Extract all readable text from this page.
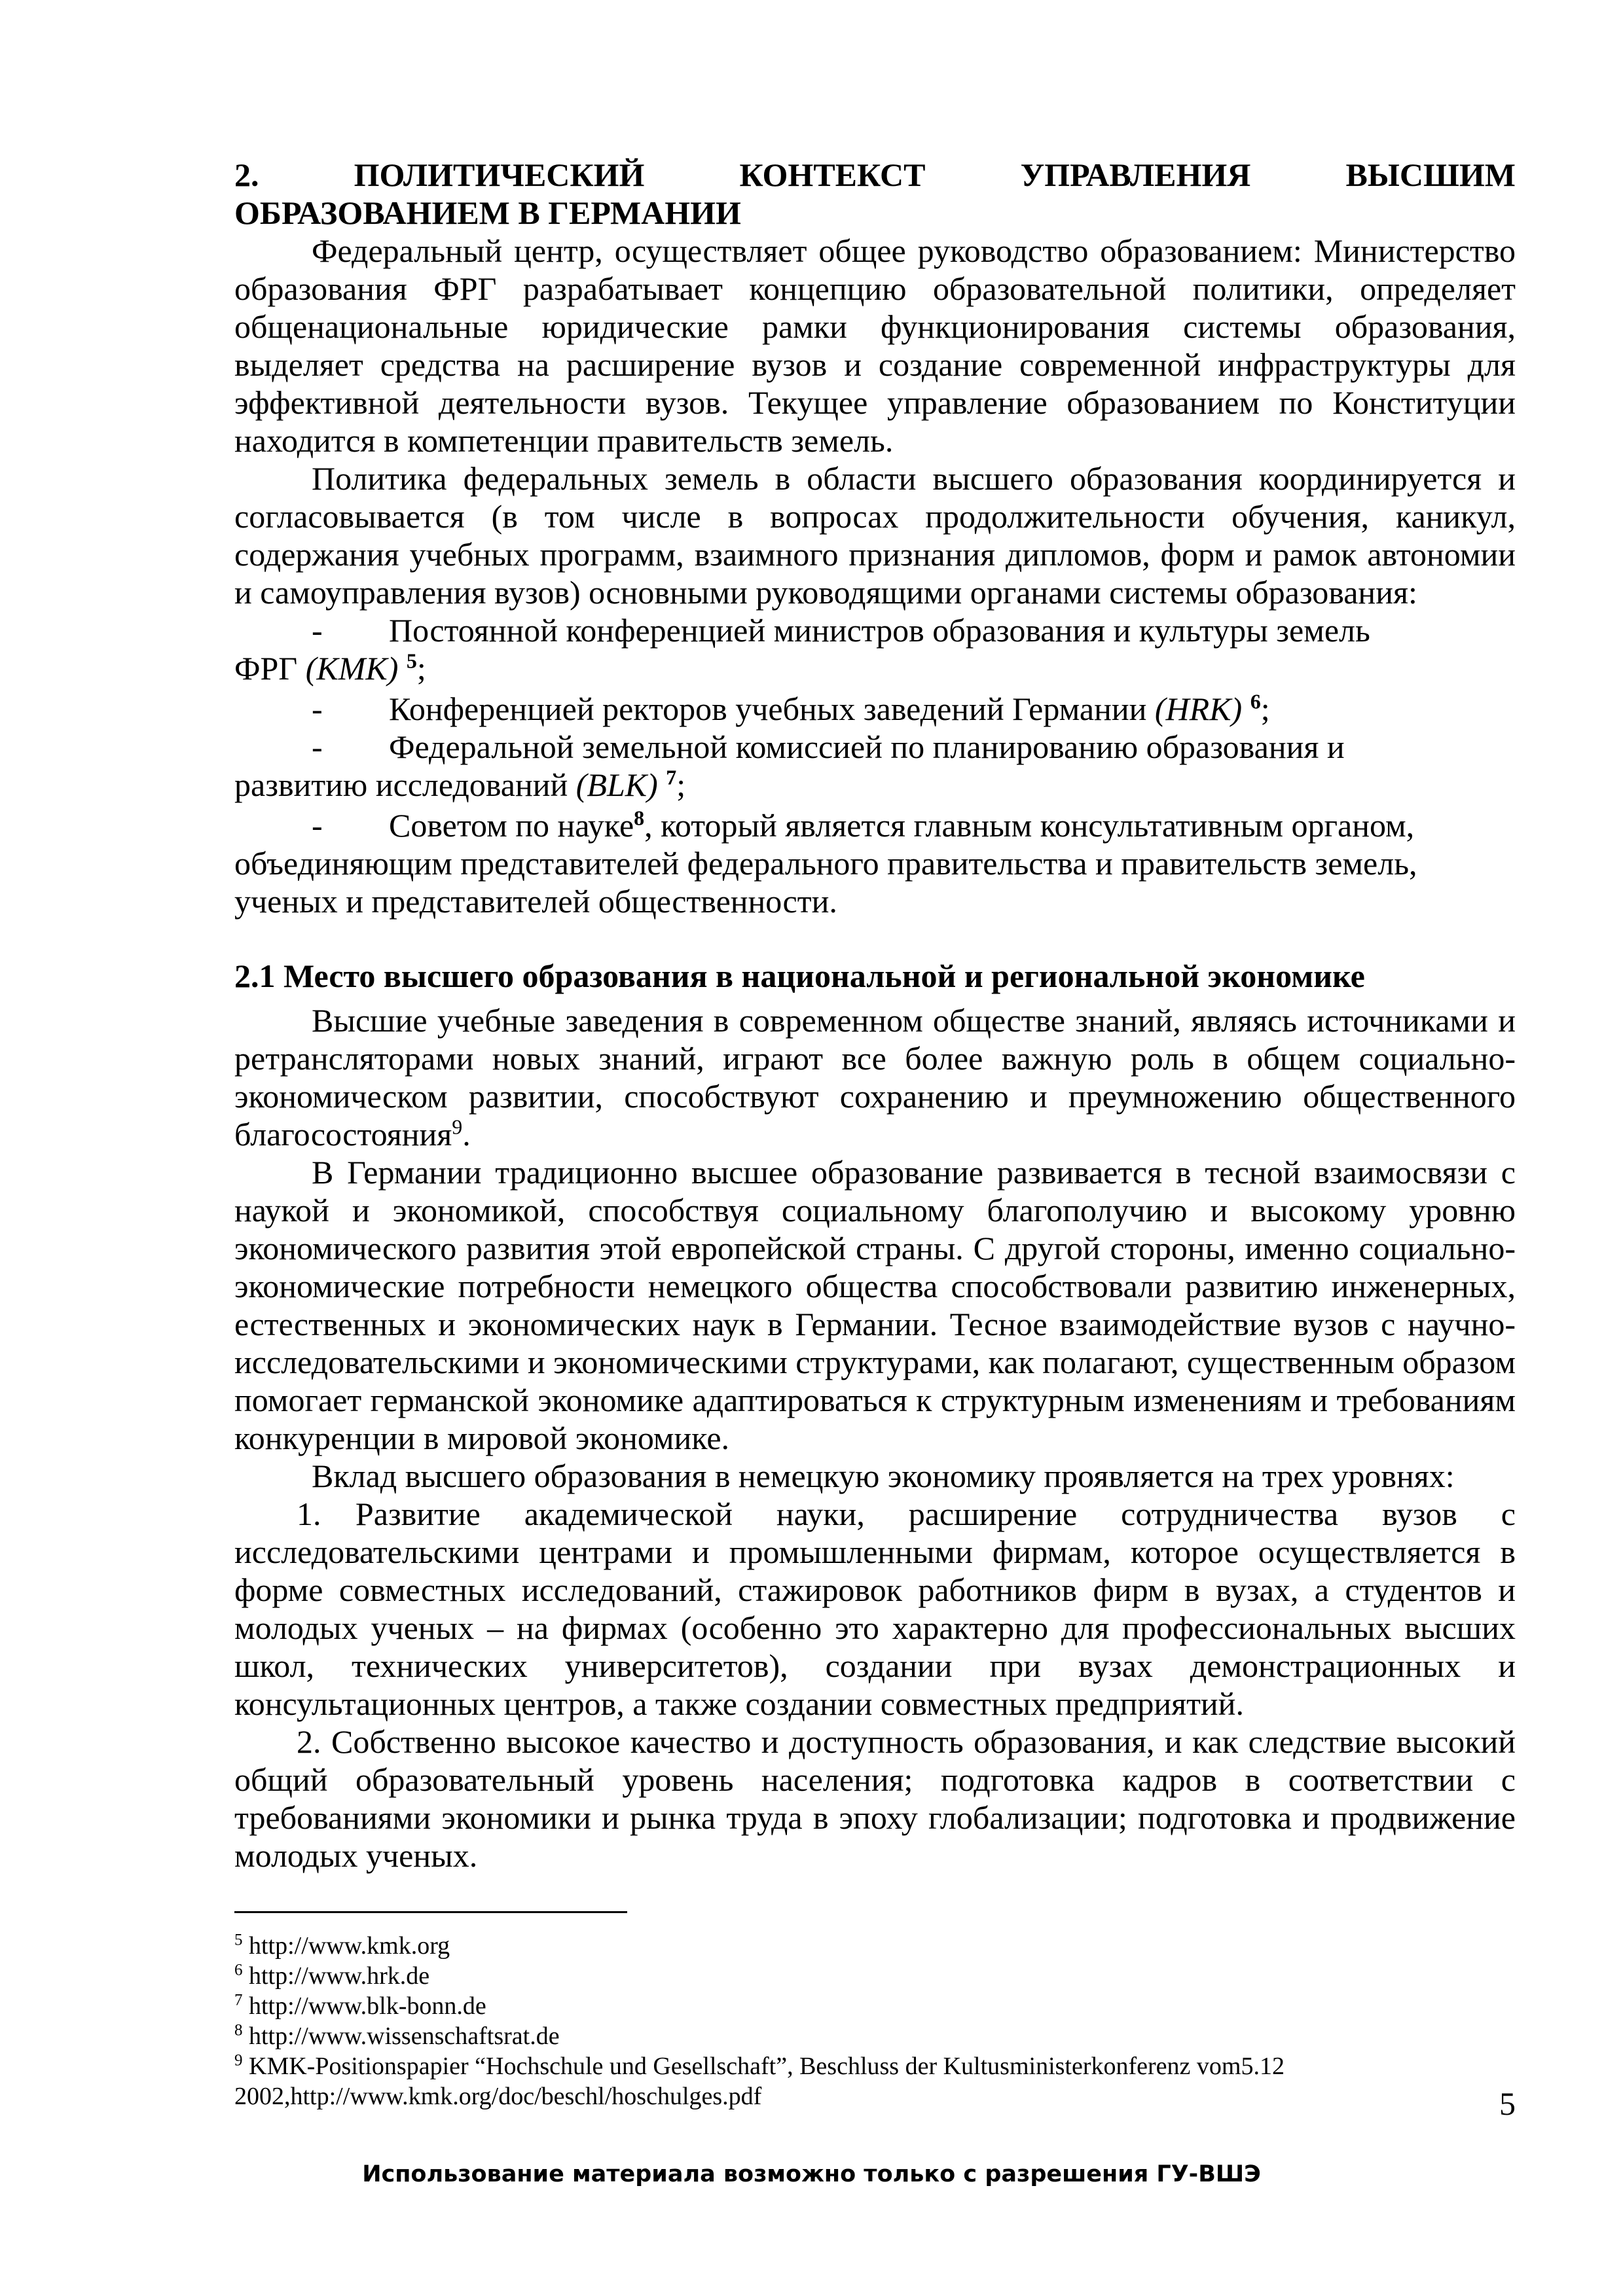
2.	ПОЛИТИЧЕСКИЙ	КОНТЕКСТ	УПРАВЛЕНИЯ	ВЫСШИМ
ОБРАЗОВАНИЕМ В ГЕРМАНИИ

Федеральный центр, осуществляет общее руководство образованием: Министерство образования ФРГ разрабатывает концепцию образовательной политики, определяет общенациональные юридические рамки функционирования системы образования, выделяет средства на расширение вузов и создание современной инфраструктуры для эффективной деятельности вузов. Текущее управление образованием по Конституции находится в компетенции правительств земель.

Политика федеральных земель в области высшего образования координируется и согласовывается (в том числе в вопросах продолжительности обучения, каникул, содержания учебных программ, взаимного признания дипломов, форм и рамок автономии и самоуправления вузов) основными руководящими органами системы образования:

-	Постоянной конференцией министров образования и культуры земель
ФРГ (KMK) $^5$;
-	Конференцией ректоров учебных заведений Германии (HRK) $^6$;
-	Федеральной земельной комиссией по планированию образования и
развитию исследований (BLK) $^7$;
-	Советом по науке$^8$, который является главным консультативным органом,
объединяющим представителей федерального правительства и правительств земель, ученых и представителей общественности.
2.1 Место высшего образования в национальной и региональной экономике

Высшие учебные заведения в современном обществе знаний, являясь источниками и ретрансляторами новых знаний, играют все более важную роль в общем социально-экономическом развитии, способствуют сохранению и преумножению общественного благосостояния$^9$.

В Германии традиционно высшее образование развивается в тесной взаимосвязи с наукой и экономикой, способствуя социальному благополучию и высокому уровню экономического развития этой европейской страны. С другой стороны, именно социально-экономические потребности немецкого общества способствовали развитию инженерных, естественных и экономических наук в Германии. Тесное взаимодействие вузов с научно-исследовательскими и экономическими структурами, как полагают, существенным образом помогает германской экономике адаптироваться к структурным изменениям и требованиям конкуренции в мировой экономике.

Вклад высшего образования в немецкую экономику проявляется на трех уровнях:

1. Развитие академической науки, расширение сотрудничества вузов с исследовательскими центрами и промышленными фирмам, которое осуществляется в форме совместных исследований, стажировок работников фирм в вузах, а студентов и молодых ученых – на фирмах (особенно это характерно для профессиональных высших школ, технических университетов), создании при вузах демонстрационных и консультационных центров, а также создании совместных предприятий.

2. Собственно высокое качество и доступность образования, и как следствие высокий общий образовательный уровень населения; подготовка кадров в соответствии с требованиями экономики и рынка труда в эпоху глобализации; подготовка и продвижение молодых ученых.

$^5$ http://www.kmk.org
$^6$ http://www.hrk.de
$^7$ http://www.blk-bonn.de
$^8$ http://www.wissenschaftsrat.de
$^9$ KMK-Positionspapier “Hochschule und Gesellschaft”, Beschluss der Kultusministerkonferenz vom5.12 2002,http://www.kmk.org/doc/beschl/hoschulges.pdf	5
Использование материала возможно только с разрешения ГУ-ВШЭ
